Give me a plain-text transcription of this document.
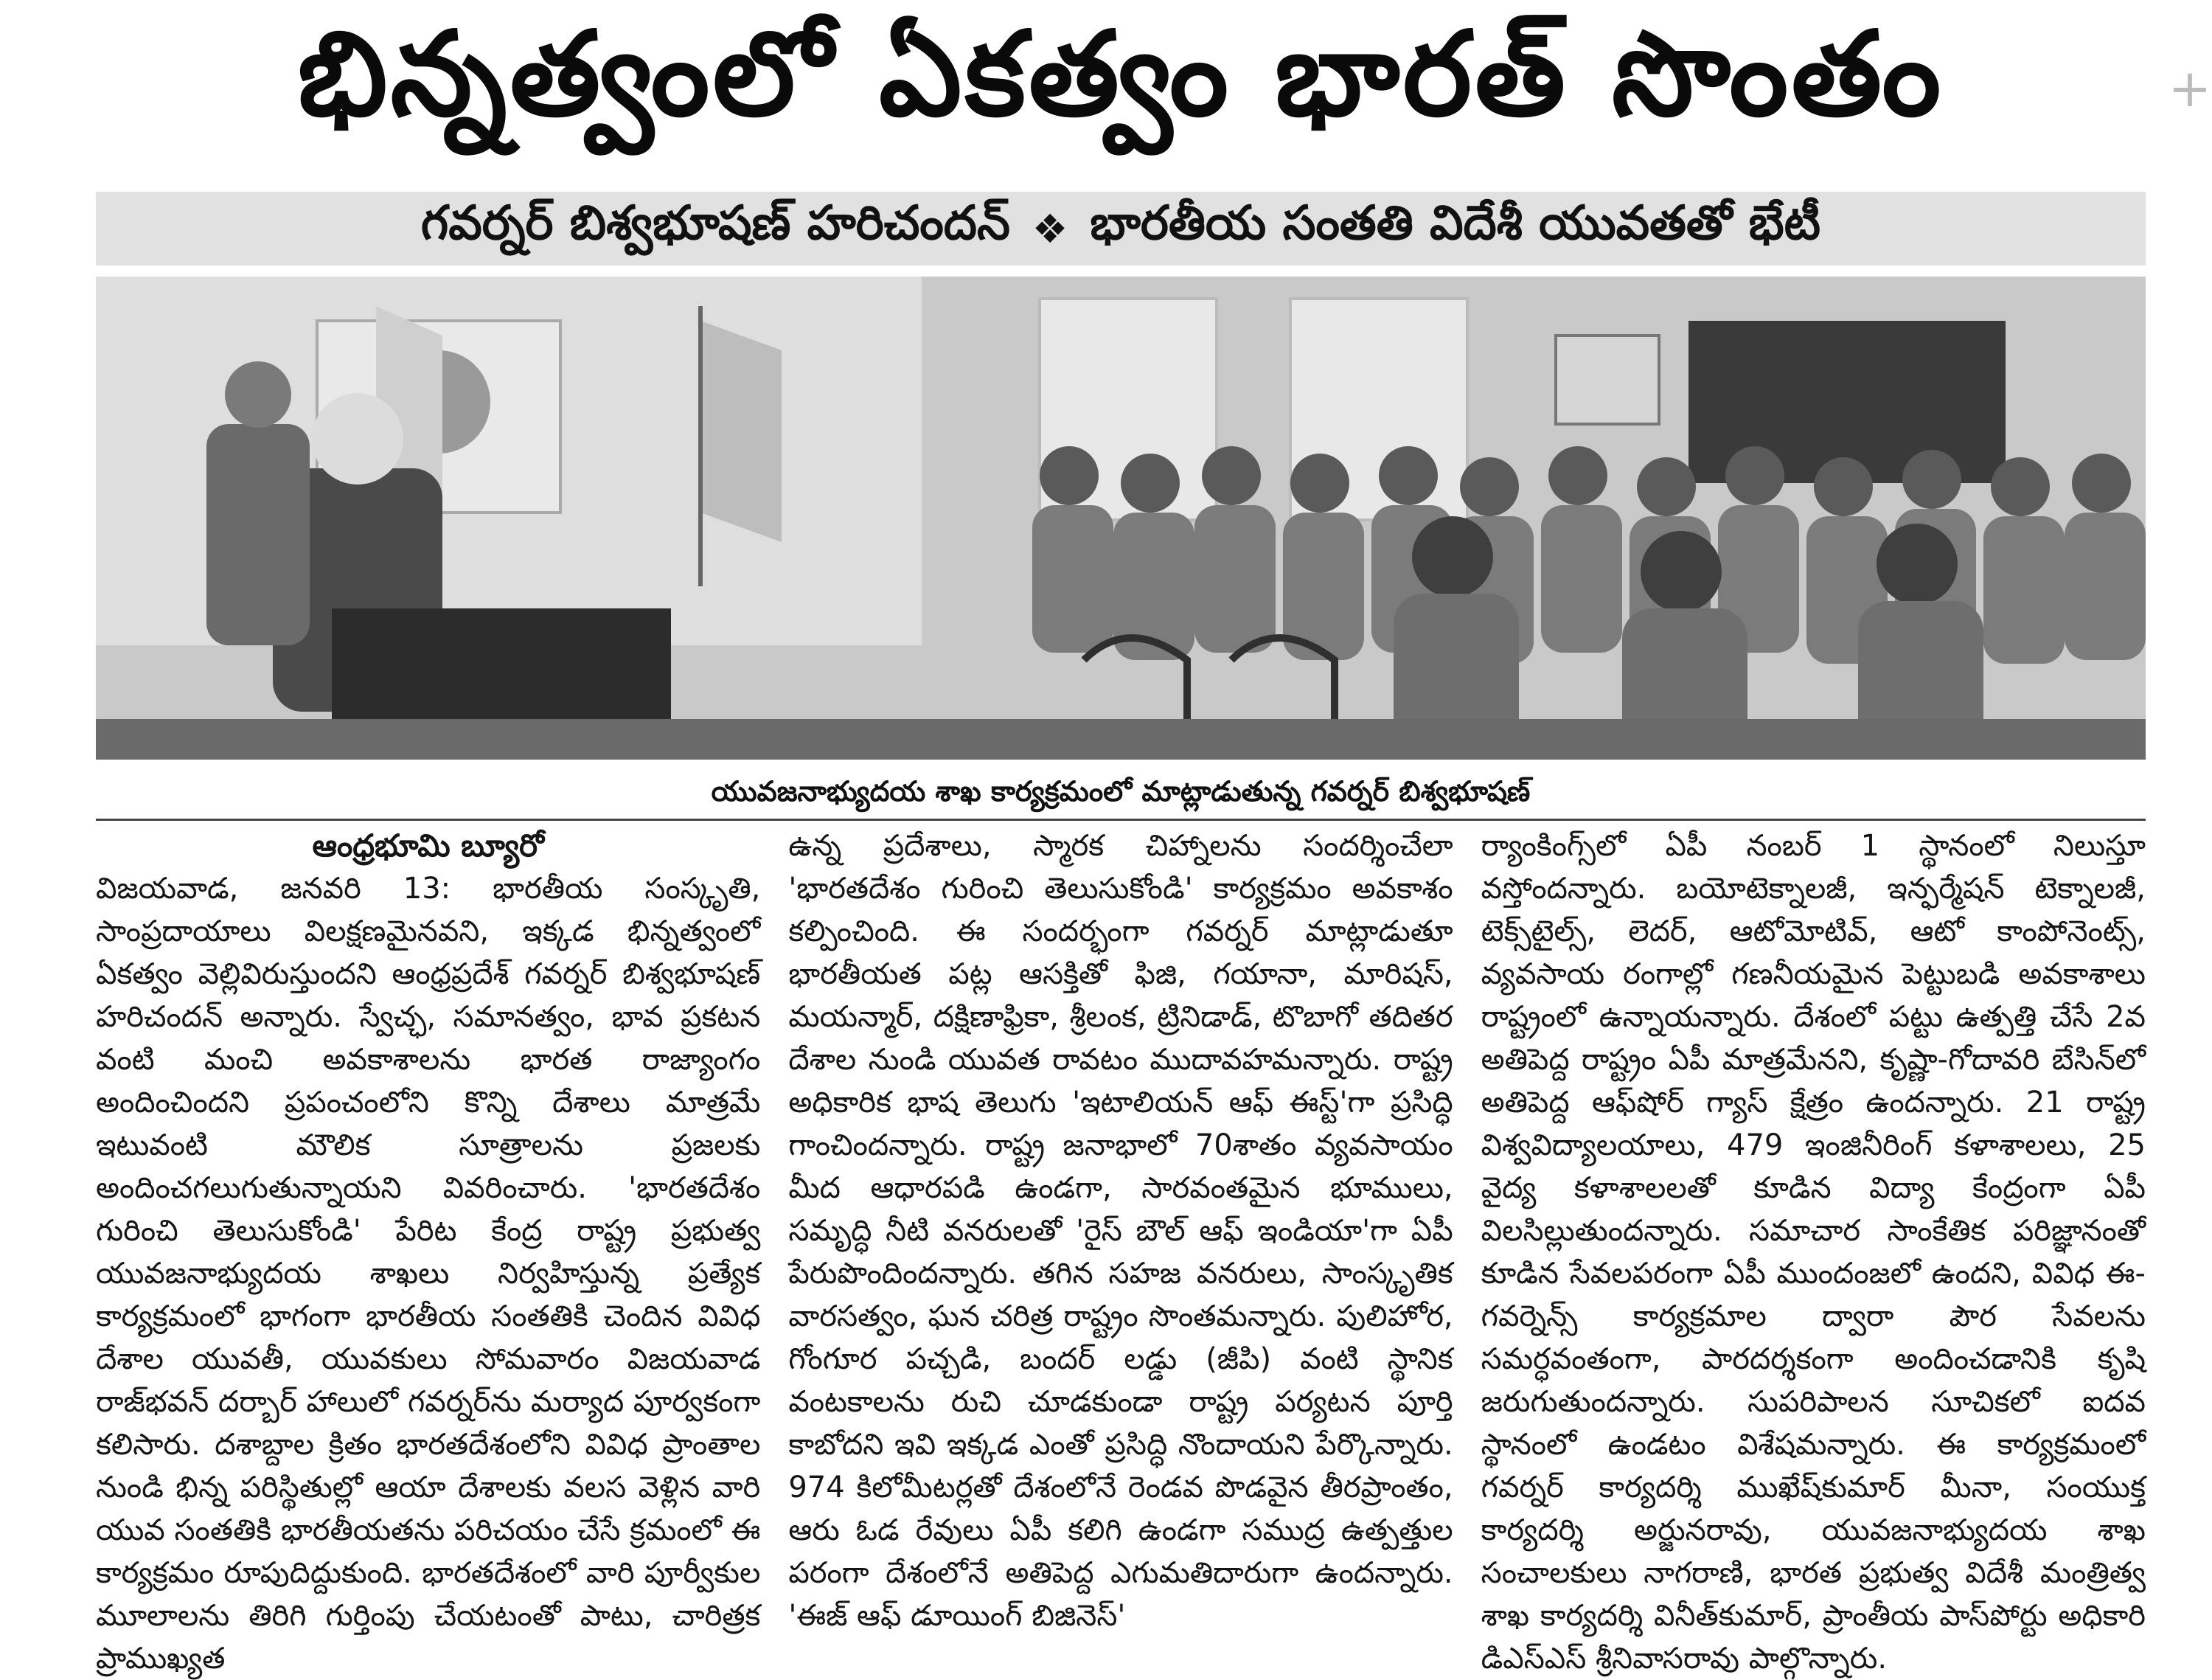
భిన్నత్వంలో ఏకత్వం భారత్ సొంతం	+
గవర్నర్ బిశ్వభూషణ్ హరిచందన్ ❖ భారతీయ సంతతి విదేశీ యువతతో భేటీ
యువజనాభ్యుదయ శాఖ కార్యక్రమంలో మాట్లాడుతున్న గవర్నర్ బిశ్వభూషణ్
ఆంధ్రభూమి బ్యూరో

విజయవాడ, జనవరి 13: భారతీయ సంస్కృతి, సాంప్రదాయాలు విలక్షణమైనవని, ఇక్కడ భిన్నత్వంలో ఏకత్వం వెల్లివిరుస్తుందని ఆంధ్రప్రదేశ్ గవర్నర్ బిశ్వభూషణ్ హరిచందన్ అన్నారు. స్వేచ్ఛ, సమానత్వం, భావ ప్రకటన వంటి మంచి అవకాశాలను భారత రాజ్యాంగం అందించిందని ప్రపంచంలోని కొన్ని దేశాలు మాత్రమే ఇటువంటి మౌలిక సూత్రాలను ప్రజలకు అందించగలుగుతున్నాయని వివరించారు. 'భారతదేశం గురించి తెలుసుకోండి' పేరిట కేంద్ర రాష్ట్ర ప్రభుత్వ యువజనాభ్యుదయ శాఖలు నిర్వహిస్తున్న ప్రత్యేక కార్యక్రమంలో భాగంగా భారతీయ సంతతికి చెందిన వివిధ దేశాల యువతీ, యువకులు సోమవారం విజయవాడ రాజ్‌భవన్ దర్బార్ హాలులో గవర్నర్‌ను మర్యాద పూర్వకంగా కలిసారు. దశాబ్దాల క్రితం భారతదేశంలోని వివిధ ప్రాంతాల నుండి భిన్న పరిస్థితుల్లో ఆయా దేశాలకు వలస వెళ్లిన వారి యువ సంతతికి భారతీయతను పరిచయం చేసే క్రమంలో ఈ కార్యక్రమం రూపుదిద్దుకుంది. భారతదేశంలో వారి పూర్వీకుల మూలాలను తిరిగి గుర్తింపు చేయటంతో పాటు, చారిత్రక ప్రాముఖ్యత

ఉన్న ప్రదేశాలు, స్మారక చిహ్నాలను సందర్శించేలా 'భారతదేశం గురించి తెలుసుకోండి' కార్యక్రమం అవకాశం కల్పించింది. ఈ సందర్భంగా గవర్నర్ మాట్లాడుతూ భారతీయత పట్ల ఆసక్తితో ఫిజి, గయానా, మారిషస్, మయన్మార్, దక్షిణాఫ్రికా, శ్రీలంక, ట్రినిడాడ్, టొబాగో తదితర దేశాల నుండి యువత రావటం ముదావహమన్నారు. రాష్ట్ర అధికారిక భాష తెలుగు 'ఇటాలియన్ ఆఫ్ ఈస్ట్'గా ప్రసిద్ధి గాంచిందన్నారు. రాష్ట్ర జనాభాలో 70శాతం వ్యవసాయం మీద ఆధారపడి ఉండగా, సారవంతమైన భూములు, సమృద్ధి నీటి వనరులతో 'రైస్ బౌల్ ఆఫ్ ఇండియా'గా ఏపీ పేరుపొందిందన్నారు. తగిన సహజ వనరులు, సాంస్కృతిక వారసత్వం, ఘన చరిత్ర రాష్ట్రం సొంతమన్నారు. పులిహోర, గోంగూర పచ్చడి, బందర్ లడ్డు (జీపి) వంటి స్థానిక వంటకాలను రుచి చూడకుండా రాష్ట్ర పర్యటన పూర్తి కాబోదని ఇవి ఇక్కడ ఎంతో ప్రసిద్ధి నొందాయని పేర్కొన్నారు. 974 కిలోమీటర్లతో దేశంలోనే రెండవ పొడవైన తీరప్రాంతం, ఆరు ఓడ రేవులు ఏపీ కలిగి ఉండగా సముద్ర ఉత్పత్తుల పరంగా దేశంలోనే అతిపెద్ద ఎగుమతిదారుగా ఉందన్నారు. 'ఈజ్ ఆఫ్ డూయింగ్ బిజినెస్'

ర్యాంకింగ్స్‌లో ఏపీ నంబర్ 1 స్థానంలో నిలుస్తూ వస్తోందన్నారు. బయోటెక్నాలజీ, ఇన్ఫర్మేషన్ టెక్నాలజీ, టెక్స్‌టైల్స్, లెదర్, ఆటోమోటివ్, ఆటో కాంపోనెంట్స్, వ్యవసాయ రంగాల్లో గణనీయమైన పెట్టుబడి అవకాశాలు రాష్ట్రంలో ఉన్నాయన్నారు. దేశంలో పట్టు ఉత్పత్తి చేసే 2వ అతిపెద్ద రాష్ట్రం ఏపీ మాత్రమేనని, కృష్ణా-గోదావరి బేసిన్‌లో అతిపెద్ద ఆఫ్‌షోర్ గ్యాస్ క్షేత్రం ఉందన్నారు. 21 రాష్ట్ర విశ్వవిద్యాలయాలు, 479 ఇంజినీరింగ్ కళాశాలలు, 25 వైద్య కళాశాలలతో కూడిన విద్యా కేంద్రంగా ఏపీ విలసిల్లుతుందన్నారు. సమాచార సాంకేతిక పరిజ్ఞానంతో కూడిన సేవలపరంగా ఏపీ ముందంజలో ఉందని, వివిధ ఈ-గవర్నెన్స్ కార్యక్రమాల ద్వారా పౌర సేవలను సమర్ధవంతంగా, పారదర్శకంగా అందించడానికి కృషి జరుగుతుందన్నారు. సుపరిపాలన సూచికలో ఐదవ స్థానంలో ఉండటం విశేషమన్నారు. ఈ కార్యక్రమంలో గవర్నర్ కార్యదర్శి ముఖేష్‌కుమార్ మీనా, సంయుక్త కార్యదర్శి అర్జునరావు, యువజనాభ్యుదయ శాఖ సంచాలకులు నాగరాణి, భారత ప్రభుత్వ విదేశీ మంత్రిత్వ శాఖ కార్యదర్శి వినీత్‌కుమార్, ప్రాంతీయ పాస్‌పోర్టు అధికారి డిఎస్ఎస్ శ్రీనివాసరావు పాల్గొన్నారు.
